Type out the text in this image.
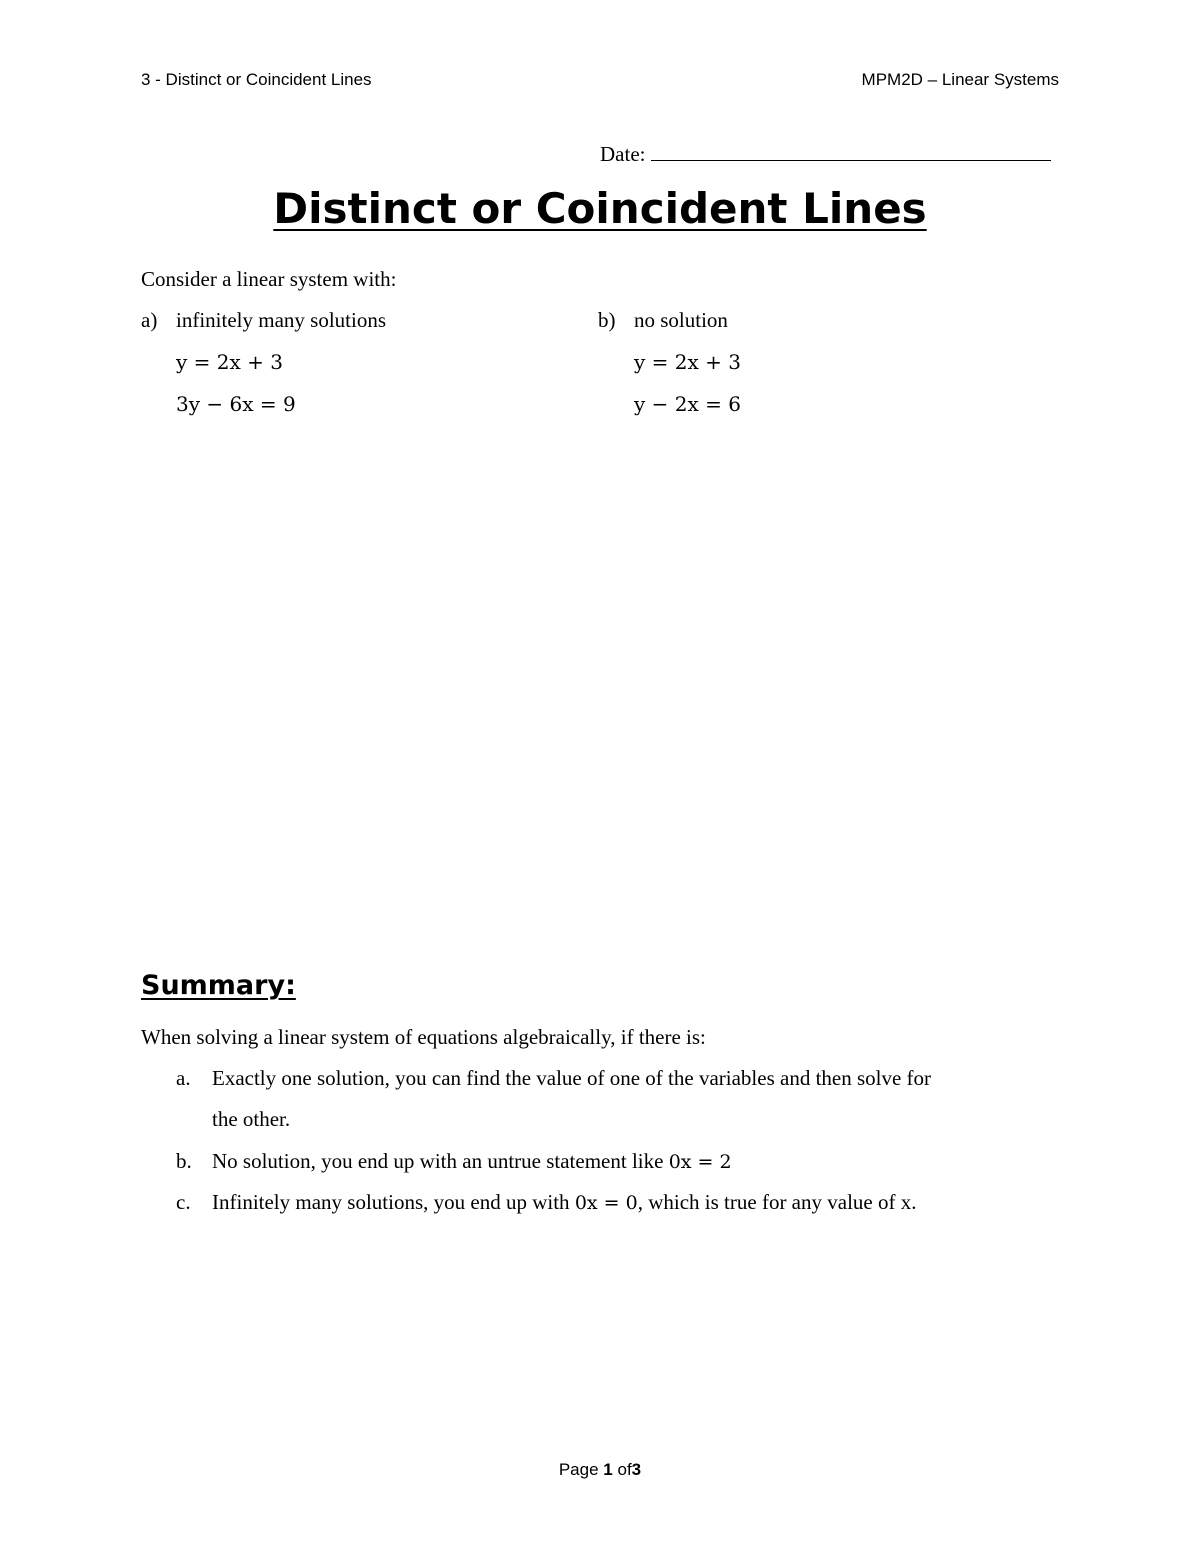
3 - Distinct or Coincident Lines	MPM2D – Linear Systems
Date:
Distinct or Coincident Lines
Consider a linear system with:
a) infinitely many solutions
y = 2x + 3
3y − 6x = 9
b) no solution
y = 2x + 3
y − 2x = 6
Summary:
When solving a linear system of equations algebraically, if there is:
a. Exactly one solution, you can find the value of one of the variables and then solve for
the other.
b. No solution, you end up with an untrue statement like 0x = 2
c. Infinitely many solutions, you end up with 0x = 0, which is true for any value of x.
Page 1 of3
